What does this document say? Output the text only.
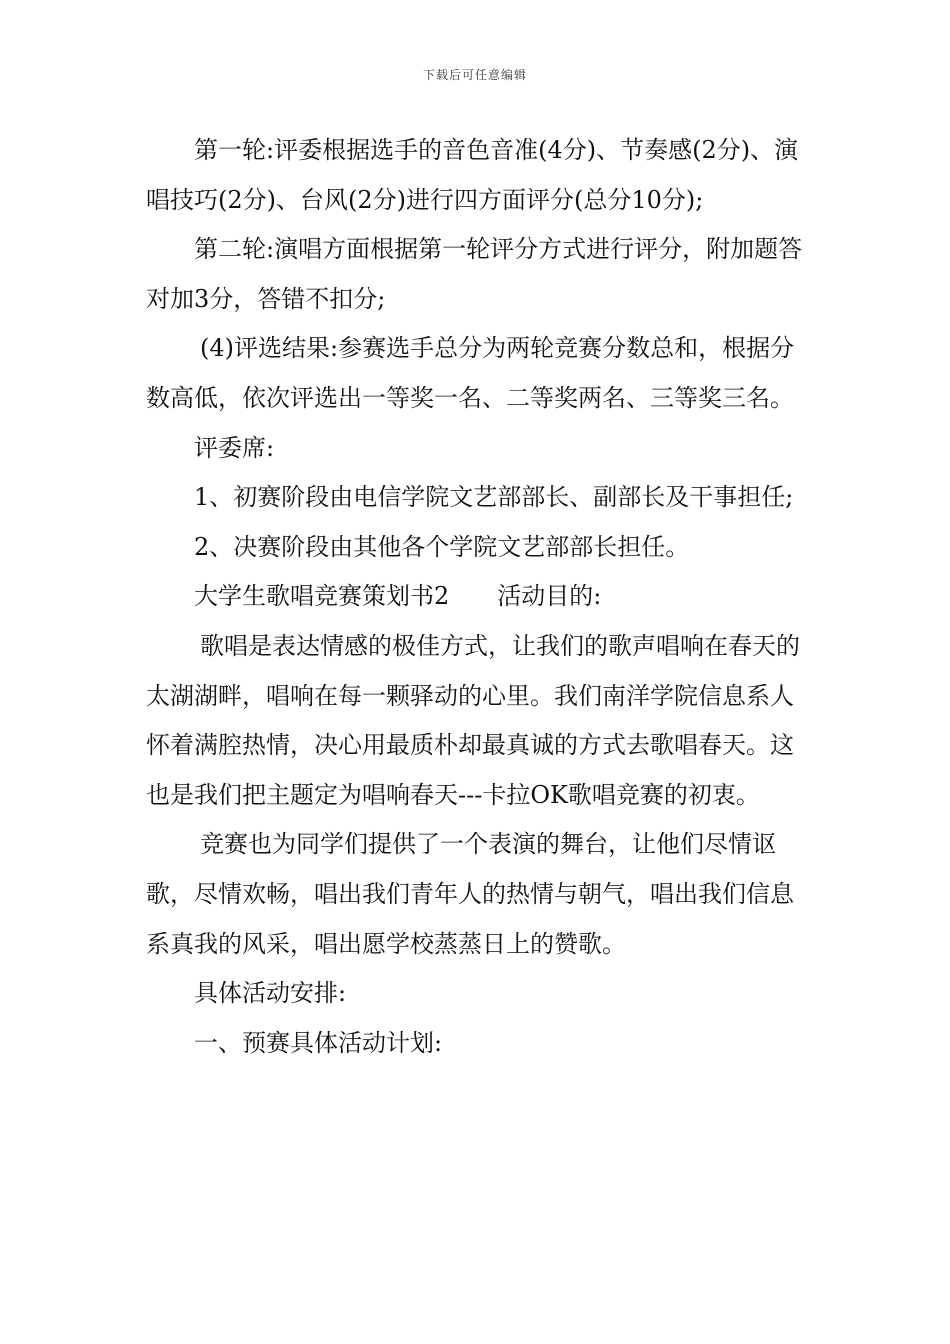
下载后可任意编辑

第一轮:评委根据选手的音色音准(4分)、节奏感(2分)、演唱技巧(2分)、台风(2分)进行四方面评分(总分10分);

第二轮:演唱方面根据第一轮评分方式进行评分，附加题答对加3分，答错不扣分;

(4)评选结果:参赛选手总分为两轮竞赛分数总和，根据分数高低，依次评选出一等奖一名、二等奖两名、三等奖三名。

评委席:

1、初赛阶段由电信学院文艺部部长、副部长及干事担任;

2、决赛阶段由其他各个学院文艺部部长担任。

大学生歌唱竞赛策划书2 活动目的:

歌唱是表达情感的极佳方式，让我们的歌声唱响在春天的太湖湖畔，唱响在每一颗驿动的心里。我们南洋学院信息系人怀着满腔热情，决心用最质朴却最真诚的方式去歌唱春天。这也是我们把主题定为唱响春天---卡拉OK歌唱竞赛的初衷。

竞赛也为同学们提供了一个表演的舞台，让他们尽情讴歌，尽情欢畅，唱出我们青年人的热情与朝气，唱出我们信息系真我的风采，唱出愿学校蒸蒸日上的赞歌。

具体活动安排:

一、预赛具体活动计划:
